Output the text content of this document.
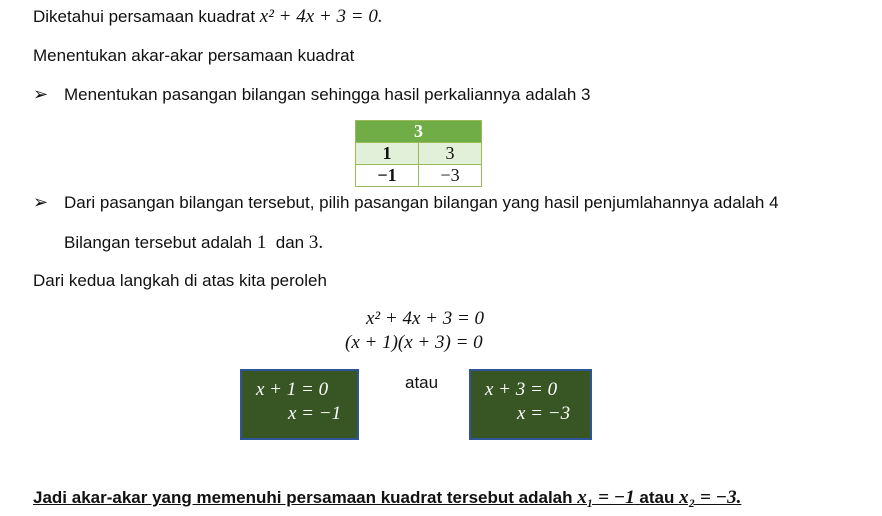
Diketahui persamaan kuadrat x² + 4x + 3 = 0.
Menentukan akar-akar persamaan kuadrat
➢ Menentukan pasangan bilangan sehingga hasil perkaliannya adalah 3
3	
1	3
−1	−3
➢ Dari pasangan bilangan tersebut, pilih pasangan bilangan yang hasil penjumlahannya adalah 4
Bilangan tersebut adalah 1  dan 3.
Dari kedua langkah di atas kita peroleh
x² + 4x + 3 = 0
(x + 1)(x + 3) = 0
x + 1 = 0
x = −1
atau x + 3 = 0
x = −3
Jadi akar-akar yang memenuhi persamaan kuadrat tersebut adalah x₁ = −1 atau x₂ = −3.
